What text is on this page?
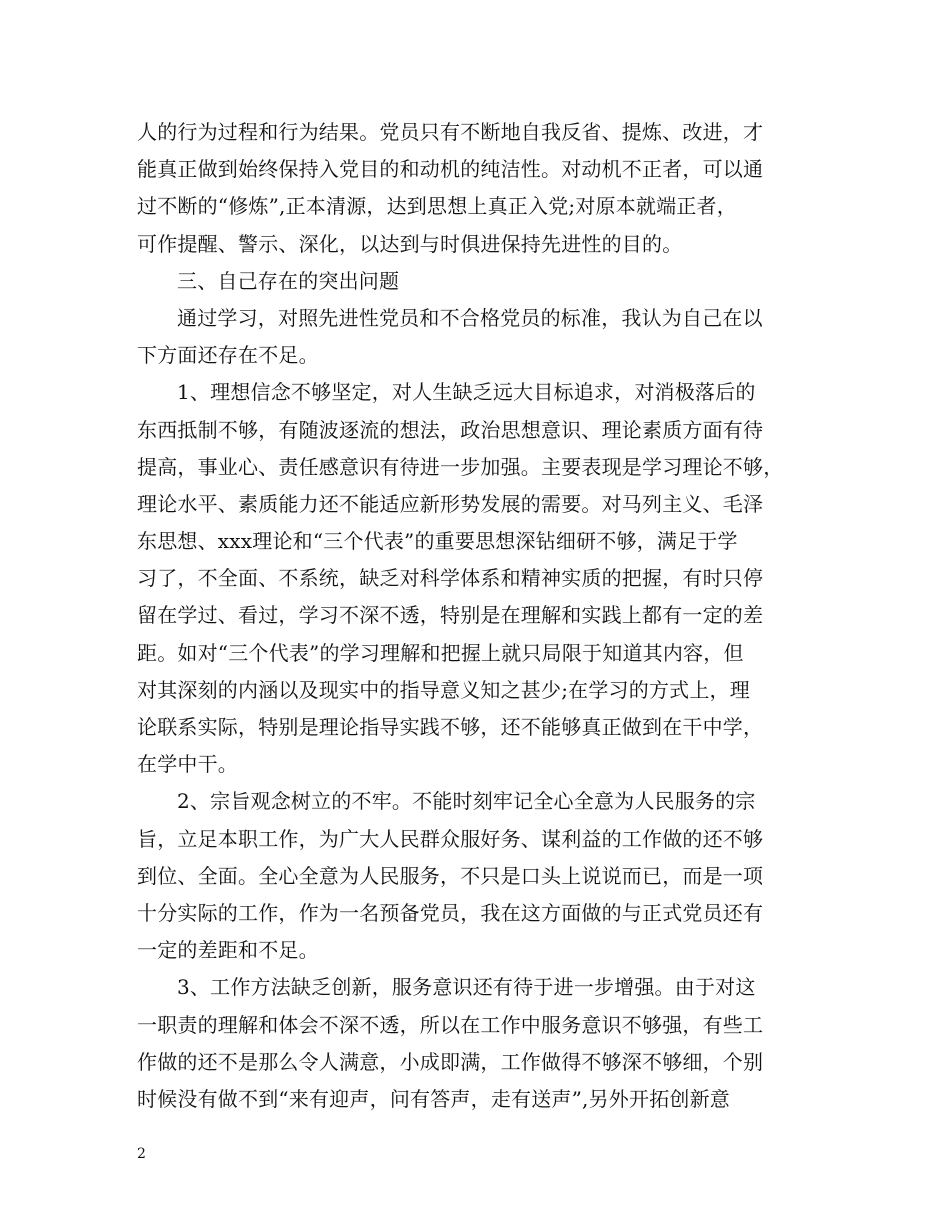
人的行为过程和行为结果。党员只有不断地自我反省、提炼、改进，才
能真正做到始终保持入党目的和动机的纯洁性。对动机不正者，可以通
过不断的“修炼”,正本清源，达到思想上真正入党;对原本就端正者，
可作提醒、警示、深化，以达到与时俱进保持先进性的目的。
三、自己存在的突出问题
通过学习，对照先进性党员和不合格党员的标准，我认为自己在以
下方面还存在不足。
1、理想信念不够坚定，对人生缺乏远大目标追求，对消极落后的
东西抵制不够，有随波逐流的想法，政治思想意识、理论素质方面有待
提高，事业心、责任感意识有待进一步加强。主要表现是学习理论不够，
理论水平、素质能力还不能适应新形势发展的需要。对马列主义、毛泽
东思想、xxx理论和“三个代表”的重要思想深钻细研不够，满足于学
习了，不全面、不系统，缺乏对科学体系和精神实质的把握，有时只停
留在学过、看过，学习不深不透，特别是在理解和实践上都有一定的差
距。如对“三个代表”的学习理解和把握上就只局限于知道其内容，但
对其深刻的内涵以及现实中的指导意义知之甚少;在学习的方式上，理
论联系实际，特别是理论指导实践不够，还不能够真正做到在干中学，
在学中干。
2、宗旨观念树立的不牢。不能时刻牢记全心全意为人民服务的宗
旨，立足本职工作，为广大人民群众服好务、谋利益的工作做的还不够
到位、全面。全心全意为人民服务，不只是口头上说说而已，而是一项
十分实际的工作，作为一名预备党员，我在这方面做的与正式党员还有
一定的差距和不足。
3、工作方法缺乏创新，服务意识还有待于进一步增强。由于对这
一职责的理解和体会不深不透，所以在工作中服务意识不够强，有些工
作做的还不是那么令人满意，小成即满，工作做得不够深不够细，个别
时候没有做不到“来有迎声，问有答声，走有送声”,另外开拓创新意
2
